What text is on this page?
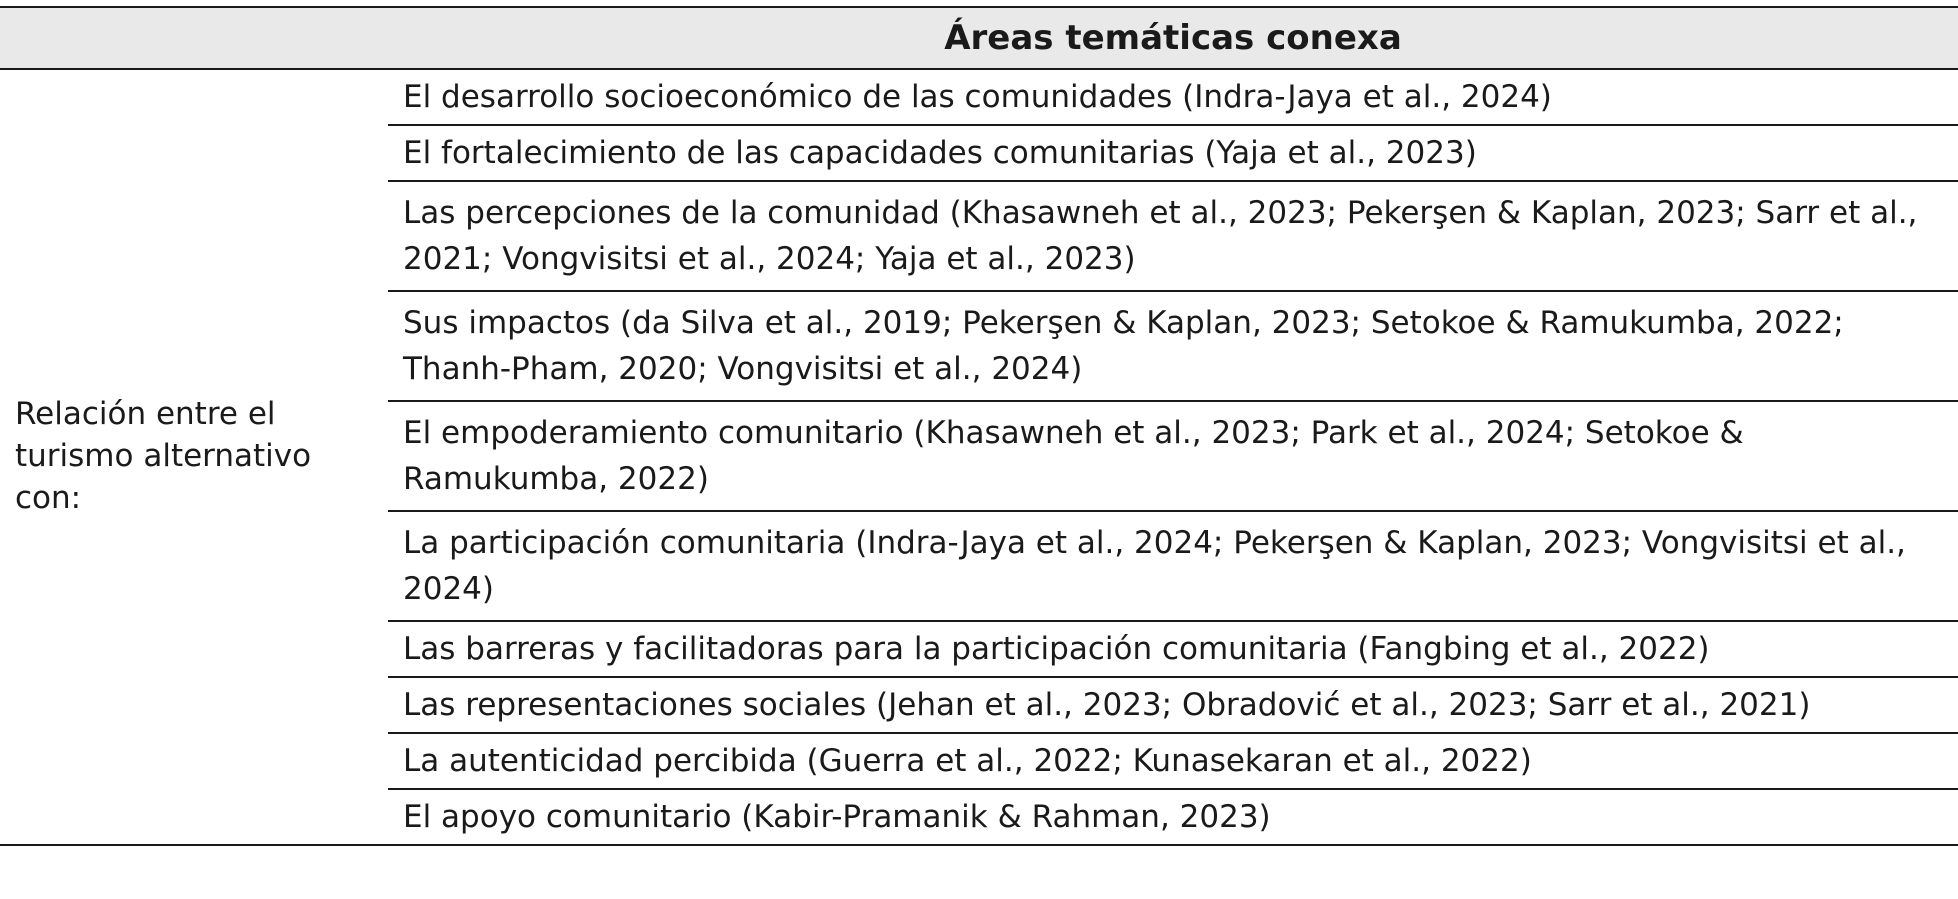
	Áreas temáticas conexa
Relación entre el turismo alternativo con:	El desarrollo socioeconómico de las comunidades (Indra-Jaya et al., 2024)
	El fortalecimiento de las capacidades comunitarias (Yaja et al., 2023)
	Las percepciones de la comunidad (Khasawneh et al., 2023; Pekerşen & Kaplan, 2023; Sarr et al., 2021; Vongvisitsi et al., 2024; Yaja et al., 2023)
	Sus impactos (da Silva et al., 2019; Pekerşen & Kaplan, 2023; Setokoe & Ramukumba, 2022; Thanh-Pham, 2020; Vongvisitsi et al., 2024)
	El empoderamiento comunitario (Khasawneh et al., 2023; Park et al., 2024; Setokoe & Ramukumba, 2022)
	La participación comunitaria (Indra-Jaya et al., 2024; Pekerşen & Kaplan, 2023; Vongvisitsi et al., 2024)
	Las barreras y facilitadoras para la participación comunitaria (Fangbing et al., 2022)
	Las representaciones sociales (Jehan et al., 2023; Obradović et al., 2023; Sarr et al., 2021)
	La autenticidad percibida (Guerra et al., 2022; Kunasekaran et al., 2022)
	El apoyo comunitario (Kabir-Pramanik & Rahman, 2023)
